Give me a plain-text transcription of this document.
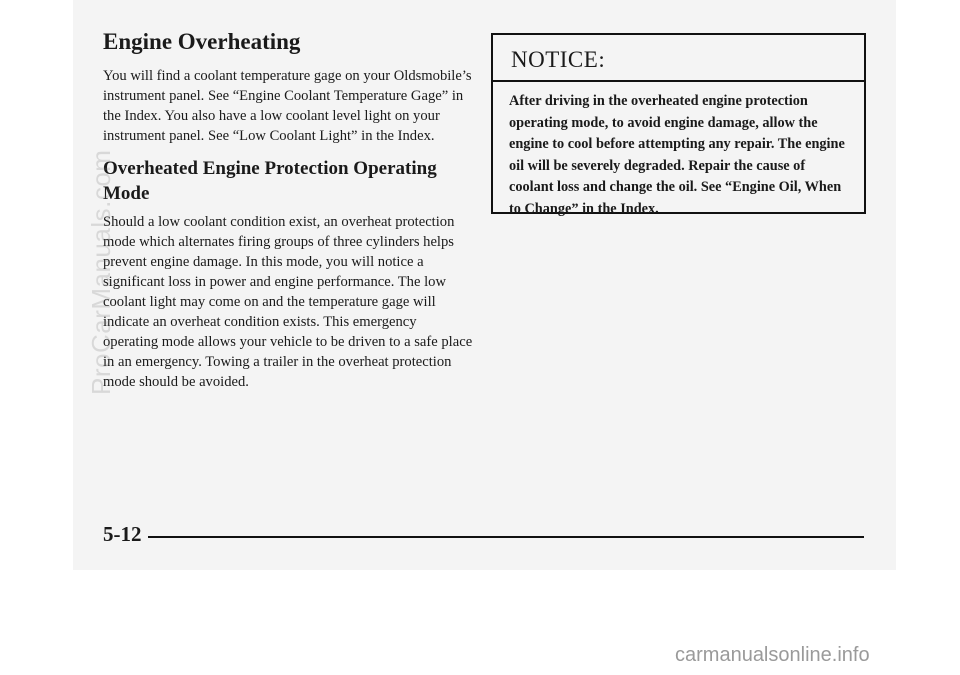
Engine Overheating

You will find a coolant temperature gage on your Oldsmobile’s instrument panel. See “Engine Coolant Temperature Gage” in the Index. You also have a low coolant level light on your instrument panel. See “Low Coolant Light” in the Index.

Overheated Engine Protection Operating Mode

Should a low coolant condition exist, an overheat protection mode which alternates firing groups of three cylinders helps prevent engine damage. In this mode, you will notice a significant loss in power and engine performance. The low coolant light may come on and the temperature gage will indicate an overheat condition exists. This emergency operating mode allows your vehicle to be driven to a safe place in an emergency. Towing a trailer in the overheat protection mode should be avoided.

NOTICE:
After driving in the overheated engine protection operating mode, to avoid engine damage, allow the engine to cool before attempting any repair. The engine oil will be severely degraded. Repair the cause of coolant loss and change the oil. See “Engine Oil, When to Change” in the Index.
5-12
ProCarManuals.com
carmanualsonline.info
